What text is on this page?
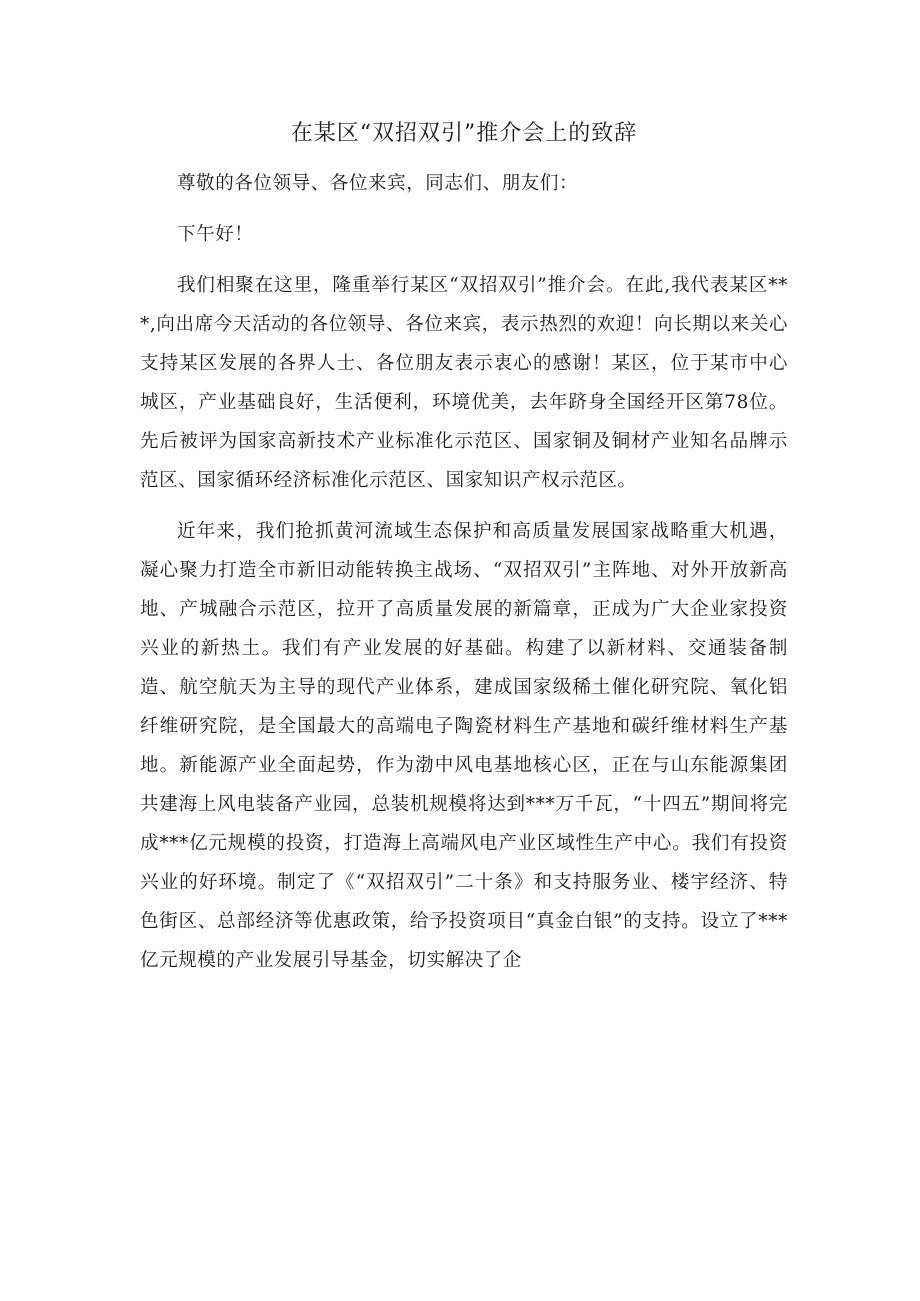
在某区“双招双引”推介会上的致辞

尊敬的各位领导、各位来宾，同志们、朋友们：

下午好！

我们相聚在这里，隆重举行某区“双招双引”推介会。在此,我代表某区***,向出席今天活动的各位领导、各位来宾，表示热烈的欢迎！向长期以来关心支持某区发展的各界人士、各位朋友表示衷心的感谢！某区，位于某市中心城区，产业基础良好，生活便利，环境优美，去年跻身全国经开区第78位。先后被评为国家高新技术产业标准化示范区、国家铜及铜材产业知名品牌示范区、国家循环经济标准化示范区、国家知识产权示范区。

近年来，我们抢抓黄河流域生态保护和高质量发展国家战略重大机遇，凝心聚力打造全市新旧动能转换主战场、“双招双引”主阵地、对外开放新高地、产城融合示范区，拉开了高质量发展的新篇章，正成为广大企业家投资兴业的新热土。我们有产业发展的好基础。构建了以新材料、交通装备制造、航空航天为主导的现代产业体系，建成国家级稀土催化研究院、氧化铝纤维研究院，是全国最大的高端电子陶瓷材料生产基地和碳纤维材料生产基地。新能源产业全面起势，作为渤中风电基地核心区，正在与山东能源集团共建海上风电装备产业园，总装机规模将达到***万千瓦，“十四五”期间将完成***亿元规模的投资，打造海上高端风电产业区域性生产中心。我们有投资兴业的好环境。制定了《“双招双引”二十条》和支持服务业、楼宇经济、特色街区、总部经济等优惠政策，给予投资项目“真金白银”的支持。设立了***亿元规模的产业发展引导基金，切实解决了企
